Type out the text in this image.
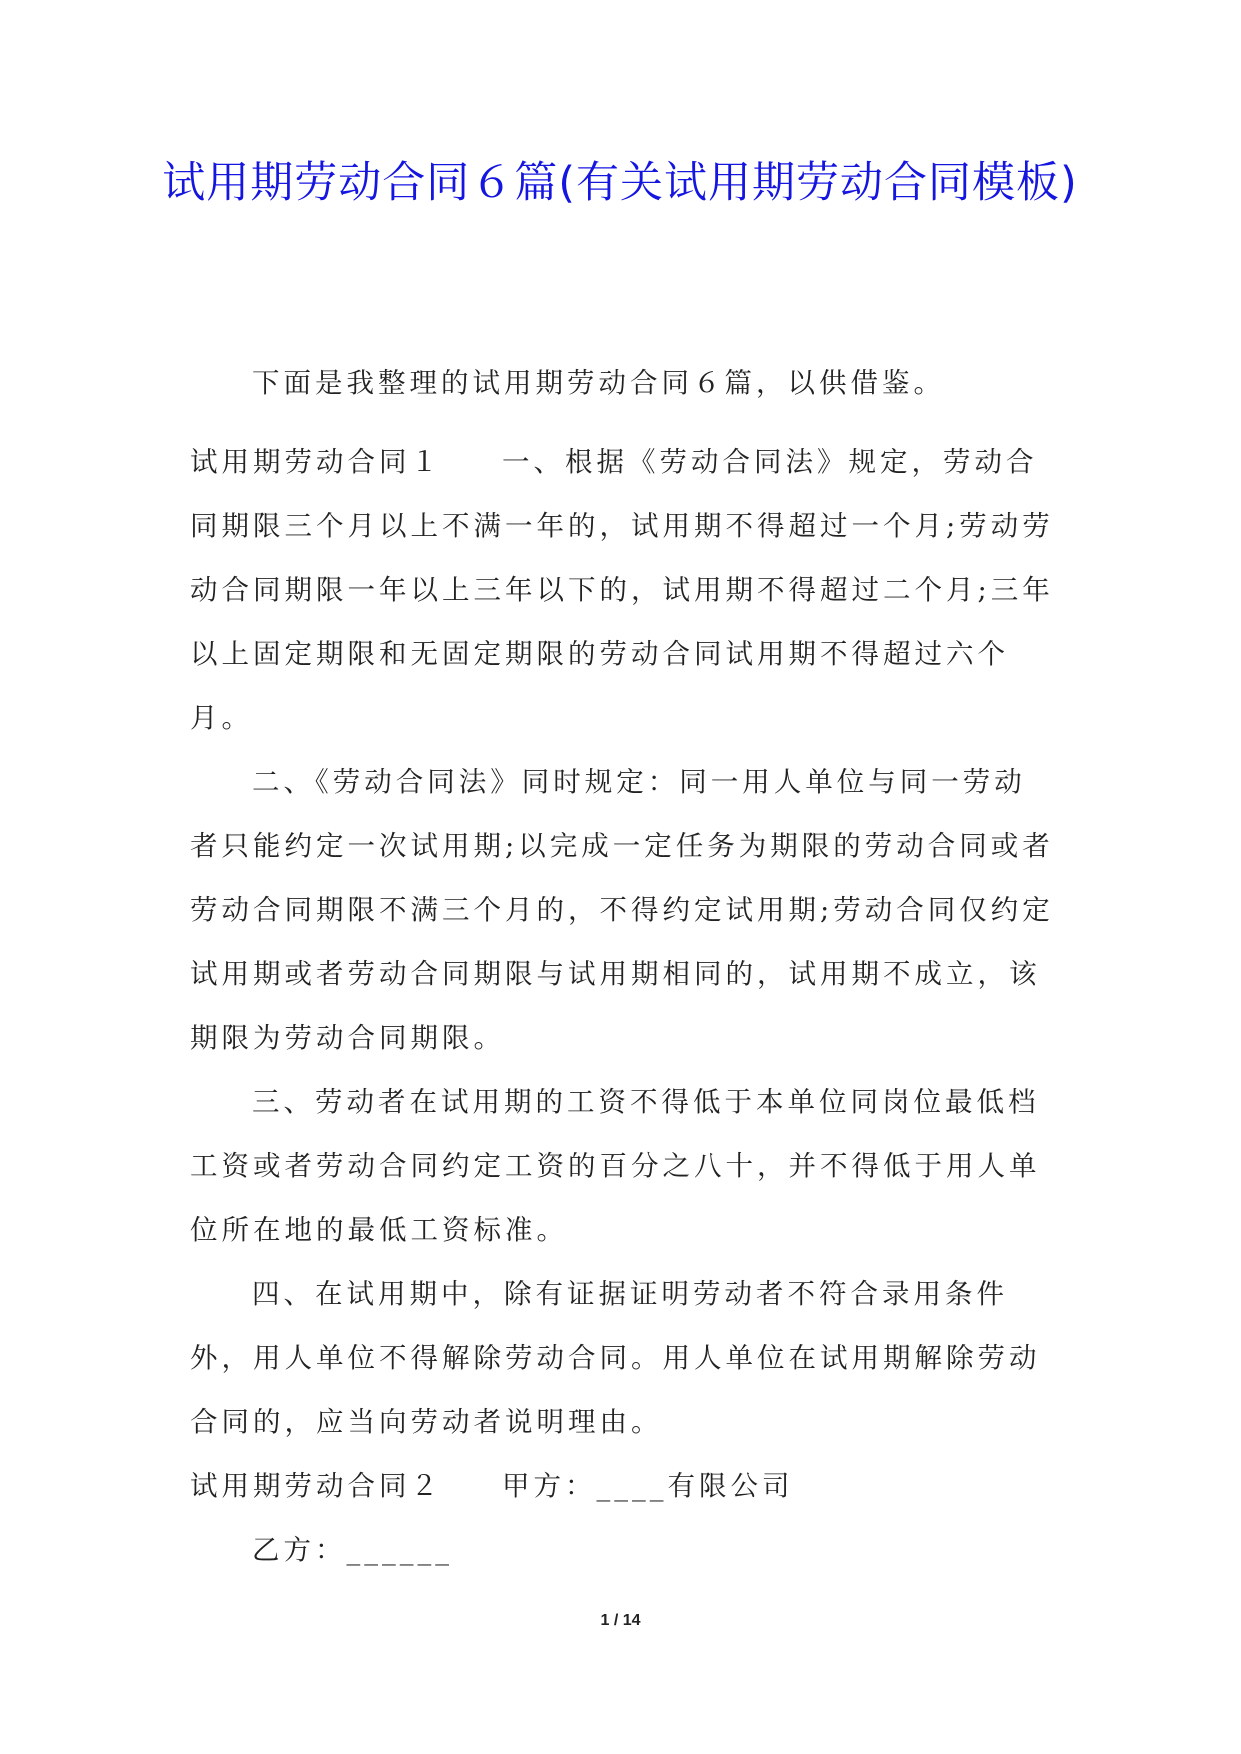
试用期劳动合同６篇(有关试用期劳动合同模板)

下面是我整理的试用期劳动合同６篇，以供借鉴。

试用期劳动合同１ 一、根据《劳动合同法》规定，劳动合同期限三个月以上不满一年的，试用期不得超过一个月;劳动劳动合同期限一年以上三年以下的，试用期不得超过二个月;三年以上固定期限和无固定期限的劳动合同试用期不得超过六个月。

二、《劳动合同法》同时规定：同一用人单位与同一劳动者只能约定一次试用期;以完成一定任务为期限的劳动合同或者劳动合同期限不满三个月的，不得约定试用期;劳动合同仅约定试用期或者劳动合同期限与试用期相同的，试用期不成立，该期限为劳动合同期限。

三、劳动者在试用期的工资不得低于本单位同岗位最低档工资或者劳动合同约定工资的百分之八十，并不得低于用人单位所在地的最低工资标准。

四、在试用期中，除有证据证明劳动者不符合录用条件外，用人单位不得解除劳动合同。用人单位在试用期解除劳动合同的，应当向劳动者说明理由。

试用期劳动合同２ 甲方：____有限公司

乙方：______

1 / 14
